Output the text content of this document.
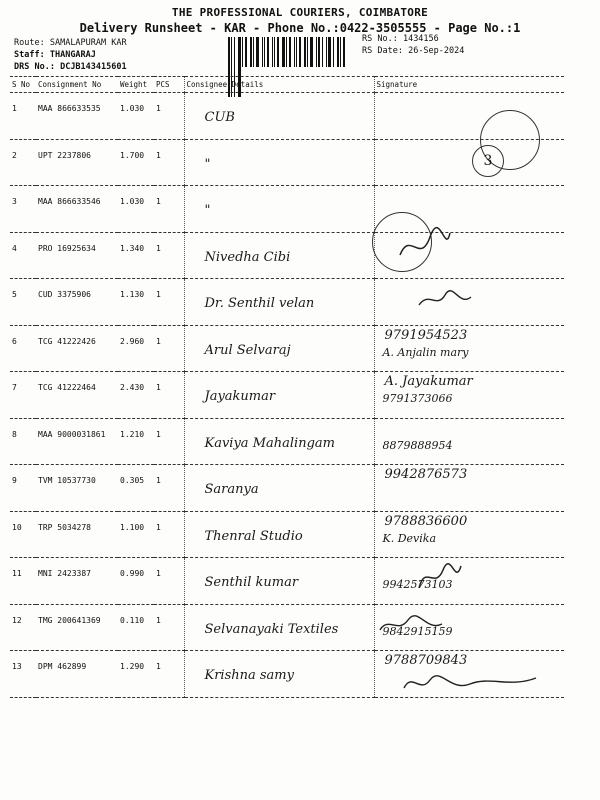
THE PROFESSIONAL COURIERS, COIMBATORE
Delivery Runsheet - KAR - Phone No.:0422-3505555 - Page No.:1
Route: SAMALAPURAM KAR
Staff: THANGARAJ
DRS No.: DCJB143415601
RS No.: 1434156
RS Date: 26-Sep-2024
S No	Consignment No	Weight	PCS	Consignee Details	Signature

1	MAA 866633535	1.030	1	CUB	

2	UPT 2237806	1.700	1	"	

3	MAA 866633546	1.030	1	"	

4	PRO 16925634	1.340	1	Nivedha Cibi	

5	CUD 3375906	1.130	1	Dr. Senthil velan	

6	TCG 41222426	2.960	1	Arul Selvaraj	9791954523
A. Anjalin mary

7	TCG 41222464	2.430	1	Jayakumar	A. Jayakumar
9791373066

8	MAA 9000031861	1.210	1	Kaviya Mahalingam	8879888954

9	TVM 10537730	0.305	1	Saranya	9942876573

10	TRP 5034278	1.100	1	Thenral Studio	9788836600
K. Devika

11	MNI 2423387	0.990	1	Senthil kumar	9942573103

12	TMG 200641369	0.110	1	Selvanayaki Textiles	9842915159

13	DPM 462899	1.290	1	Krishna samy	9788709843
3
